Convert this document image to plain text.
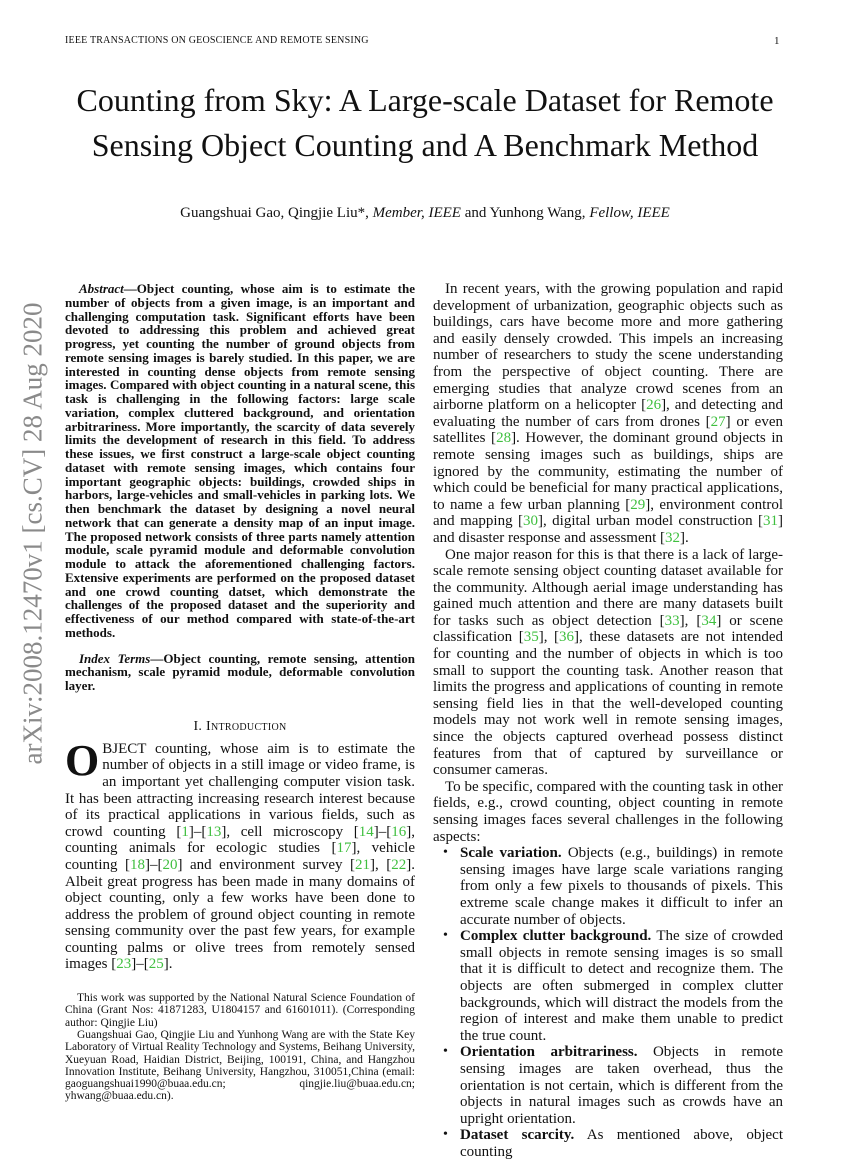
IEEE TRANSACTIONS ON GEOSCIENCE AND REMOTE SENSING	1
Counting from Sky: A Large-scale Dataset for Remote Sensing Object Counting and A Benchmark Method
Guangshuai Gao, Qingjie Liu*, Member, IEEE and Yunhong Wang, Fellow, IEEE
arXiv:2008.12470v1 [cs.CV] 28 Aug 2020

Abstract—Object counting, whose aim is to estimate the number of objects from a given image, is an important and challenging computation task. Significant efforts have been devoted to addressing this problem and achieved great progress, yet counting the number of ground objects from remote sensing images is barely studied. In this paper, we are interested in counting dense objects from remote sensing images. Compared with object counting in a natural scene, this task is challenging in the following factors: large scale variation, complex cluttered background, and orientation arbitrariness. More importantly, the scarcity of data severely limits the development of research in this field. To address these issues, we first construct a large-scale object counting dataset with remote sensing images, which contains four important geographic objects: buildings, crowded ships in harbors, large-vehicles and small-vehicles in parking lots. We then benchmark the dataset by designing a novel neural network that can generate a density map of an input image. The proposed network consists of three parts namely attention module, scale pyramid module and deformable convolution module to attack the aforementioned challenging factors. Extensive experiments are performed on the proposed dataset and one crowd counting datset, which demonstrate the challenges of the proposed dataset and the superiority and effectiveness of our method compared with state-of-the-art methods.

Index Terms—Object counting, remote sensing, attention mechanism, scale pyramid module, deformable convolution layer.

I. Introduction

OBJECT counting, whose aim is to estimate the number of objects in a still image or video frame, is an important yet challenging computer vision task. It has been attracting increasing research interest because of its practical applications in various fields, such as crowd counting [1]–[13], cell microscopy [14]–[16], counting animals for ecologic studies [17], vehicle counting [18]–[20] and environment survey [21], [22]. Albeit great progress has been made in many domains of object counting, only a few works have been done to address the problem of ground object counting in remote sensing community over the past few years, for example counting palms or olive trees from remotely sensed images [23]–[25].

This work was supported by the National Natural Science Foundation of China (Grant Nos: 41871283, U1804157 and 61601011). (Corresponding author: Qingjie Liu)

Guangshuai Gao, Qingjie Liu and Yunhong Wang are with the State Key Laboratory of Virtual Reality Technology and Systems, Beihang University, Xueyuan Road, Haidian District, Beijing, 100191, China, and Hangzhou Innovation Institute, Beihang University, Hangzhou, 310051,China (email: gaoguangshuai1990@buaa.edu.cn; qingjie.liu@buaa.edu.cn; yhwang@buaa.edu.cn).

In recent years, with the growing population and rapid development of urbanization, geographic objects such as buildings, cars have become more and more gathering and easily densely crowded. This impels an increasing number of researchers to study the scene understanding from the perspective of object counting. There are emerging studies that analyze crowd scenes from an airborne platform on a helicopter [26], and detecting and evaluating the number of cars from drones [27] or even satellites [28]. However, the dominant ground objects in remote sensing images such as buildings, ships are ignored by the community, estimating the number of which could be beneficial for many practical applications, to name a few urban planning [29], environment control and mapping [30], digital urban model construction [31] and disaster response and assessment [32].

One major reason for this is that there is a lack of large-scale remote sensing object counting dataset available for the community. Although aerial image understanding has gained much attention and there are many datasets built for tasks such as object detection [33], [34] or scene classification [35], [36], these datasets are not intended for counting and the number of objects in which is too small to support the counting task. Another reason that limits the progress and applications of counting in remote sensing field lies in that the well-developed counting models may not work well in remote sensing images, since the objects captured overhead possess distinct features from that of captured by surveillance or consumer cameras.

To be specific, compared with the counting task in other fields, e.g., crowd counting, object counting in remote sensing images faces several challenges in the following aspects:

• Scale variation. Objects (e.g., buildings) in remote sensing images have large scale variations ranging from only a few pixels to thousands of pixels. This extreme scale change makes it difficult to infer an accurate number of objects.
• Complex clutter background. The size of crowded small objects in remote sensing images is so small that it is difficult to detect and recognize them. The objects are often submerged in complex clutter backgrounds, which will distract the models from the region of interest and make them unable to predict the true count.
• Orientation arbitrariness. Objects in remote sensing images are taken overhead, thus the orientation is not certain, which is different from the objects in natural images such as crowds have an upright orientation.
• Dataset scarcity. As mentioned above, object counting
